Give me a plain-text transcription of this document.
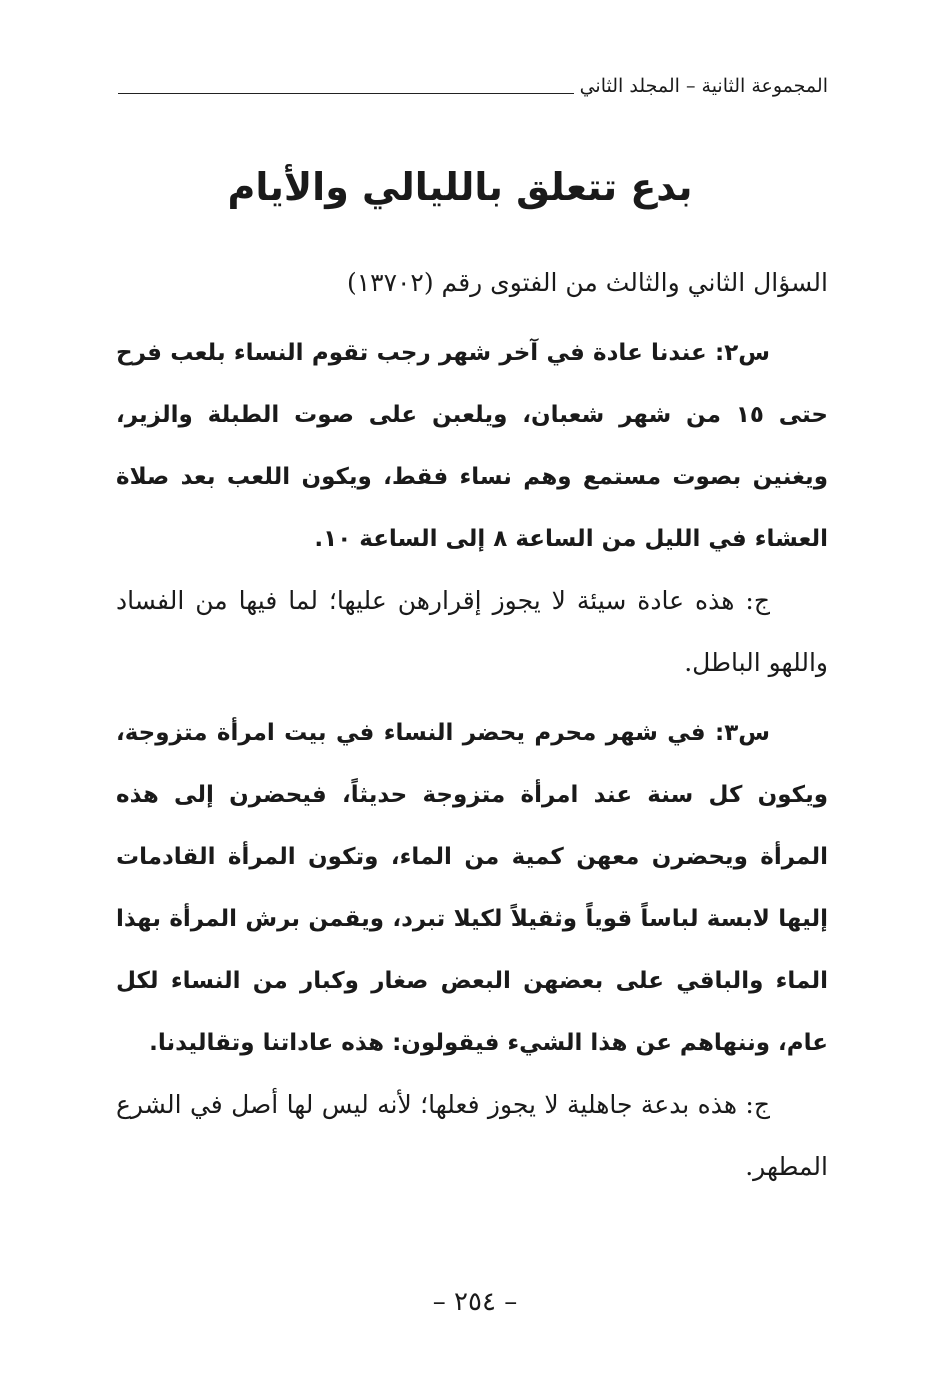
المجموعة الثانية – المجلد الثاني
بدع تتعلق بالليالي والأيام

السؤال الثاني والثالث من الفتوى رقم (١٣٧٠٢)

س٢: عندنا عادة في آخر شهر رجب تقوم النساء بلعب فرح حتى ١٥ من شهر شعبان، ويلعبن على صوت الطبلة والزير، ويغنين بصوت مستمع وهم نساء فقط، ويكون اللعب بعد صلاة العشاء في الليل من الساعة ٨ إلى الساعة ١٠.

ج: هذه عادة سيئة لا يجوز إقرارهن عليها؛ لما فيها من الفساد واللهو الباطل.

س٣: في شهر محرم يحضر النساء في بيت امرأة متزوجة، ويكون كل سنة عند امرأة متزوجة حديثاً، فيحضرن إلى هذه المرأة ويحضرن معهن كمية من الماء، وتكون المرأة القادمات إليها لابسة لباساً قوياً وثقيلاً لكيلا تبرد، ويقمن برش المرأة بهذا الماء والباقي على بعضهن البعض صغار وكبار من النساء لكل عام، وننهاهم عن هذا الشيء فيقولون: هذه عاداتنا وتقاليدنا.

ج: هذه بدعة جاهلية لا يجوز فعلها؛ لأنه ليس لها أصل في الشرع المطهر.

– ٢٥٤ –
